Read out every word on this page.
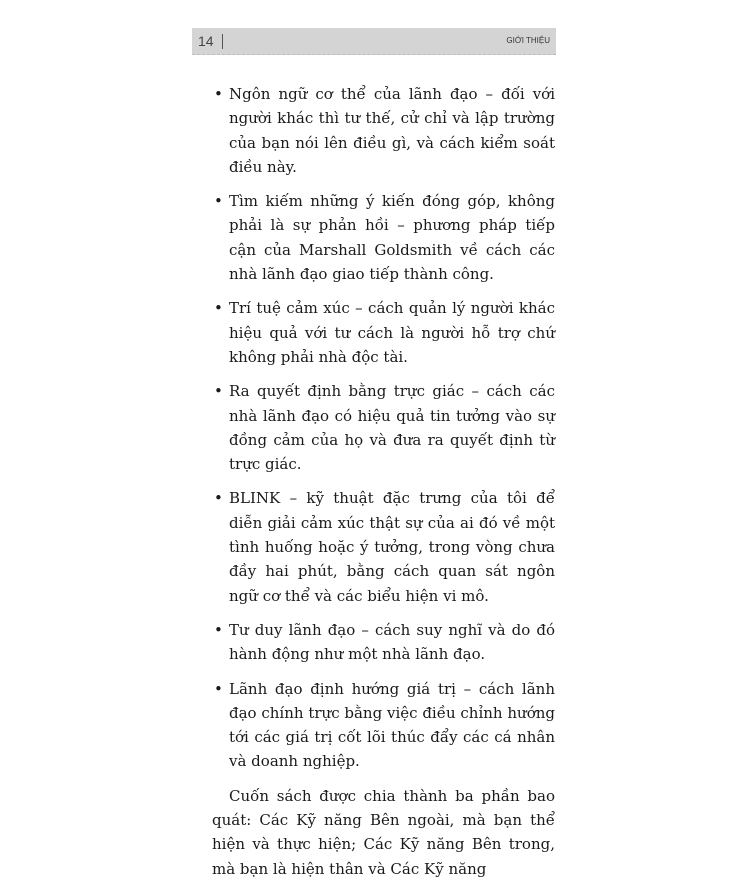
14	GIỚI THIỆU
• Ngôn ngữ cơ thể của lãnh đạo – đối với người khác thì tư thế, cử chỉ và lập trường của bạn nói lên điều gì, và cách kiểm soát điều này.
• Tìm kiếm những ý kiến đóng góp, không phải là sự phản hồi – phương pháp tiếp cận của Marshall Goldsmith về cách các nhà lãnh đạo giao tiếp thành công.
• Trí tuệ cảm xúc – cách quản lý người khác hiệu quả với tư cách là người hỗ trợ chứ không phải nhà độc tài.
• Ra quyết định bằng trực giác – cách các nhà lãnh đạo có hiệu quả tin tưởng vào sự đồng cảm của họ và đưa ra quyết định từ trực giác.
• BLINK – kỹ thuật đặc trưng của tôi để diễn giải cảm xúc thật sự của ai đó về một tình huống hoặc ý tưởng, trong vòng chưa đầy hai phút, bằng cách quan sát ngôn ngữ cơ thể và các biểu hiện vi mô.
• Tư duy lãnh đạo – cách suy nghĩ và do đó hành động như một nhà lãnh đạo.
• Lãnh đạo định hướng giá trị – cách lãnh đạo chính trực bằng việc điều chỉnh hướng tới các giá trị cốt lõi thúc đẩy các cá nhân và doanh nghiệp.

Cuốn sách được chia thành ba phần bao quát: Các Kỹ năng Bên ngoài, mà bạn thể hiện và thực hiện; Các Kỹ năng Bên trong, mà bạn là hiện thân và Các Kỹ năng
